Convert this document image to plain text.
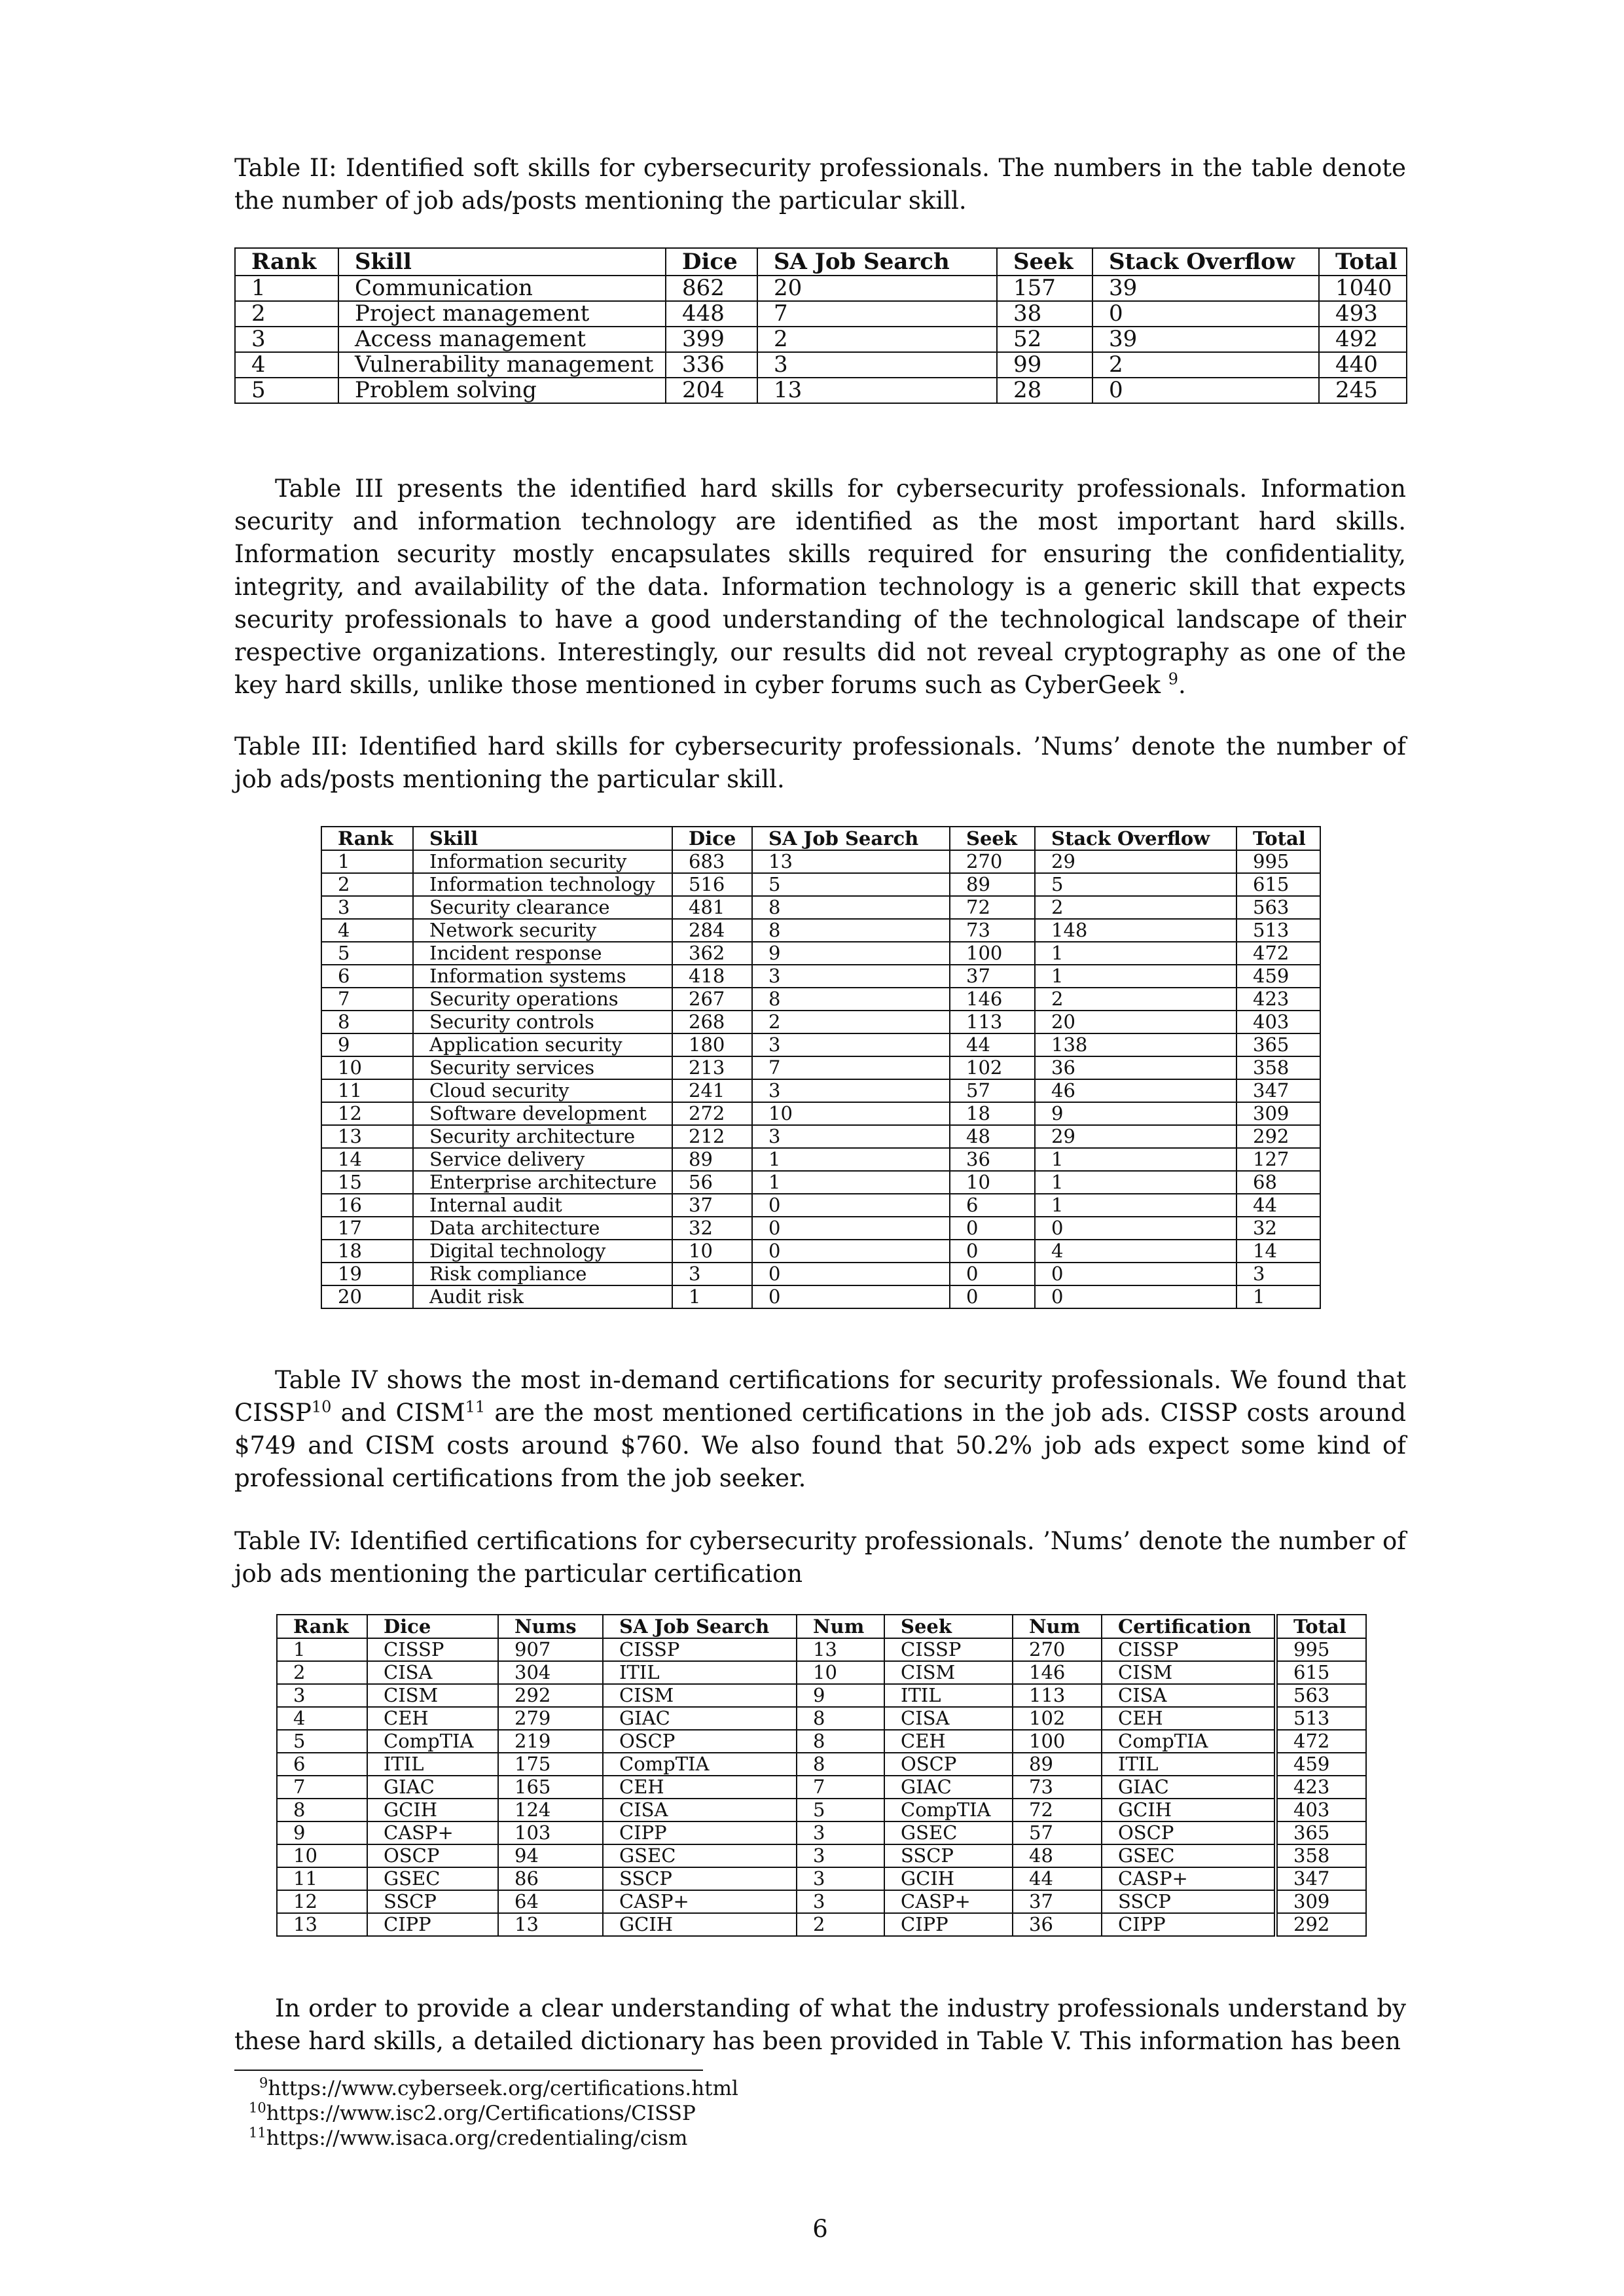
Table II: Identified soft skills for cybersecurity professionals. The numbers in the table denote the number of job ads/posts mentioning the particular skill.

Rank	Skill	Dice	SA Job Search	Seek	Stack Overflow	Total
1	Communication	862	20	157	39	1040
2	Project management	448	7	38	0	493
3	Access management	399	2	52	39	492
4	Vulnerability management	336	3	99	2	440
5	Problem solving	204	13	28	0	245

Table III presents the identified hard skills for cybersecurity professionals. Information security and information technology are identified as the most important hard skills. Information security mostly encapsulates skills required for ensuring the confidentiality, integrity, and availability of the data. Information technology is a generic skill that expects security professionals to have a good understanding of the technological landscape of their respective organizations. Interestingly, our results did not reveal cryptography as one of the key hard skills, unlike those mentioned in cyber forums such as CyberGeek $^9$.

Table III: Identified hard skills for cybersecurity professionals. ’Nums’ denote the number of job ads/posts mentioning the particular skill.

Rank	Skill	Dice	SA Job Search	Seek	Stack Overflow	Total
1	Information security	683	13	270	29	995
2	Information technology	516	5	89	5	615
3	Security clearance	481	8	72	2	563
4	Network security	284	8	73	148	513
5	Incident response	362	9	100	1	472
6	Information systems	418	3	37	1	459
7	Security operations	267	8	146	2	423
8	Security controls	268	2	113	20	403
9	Application security	180	3	44	138	365
10	Security services	213	7	102	36	358
11	Cloud security	241	3	57	46	347
12	Software development	272	10	18	9	309
13	Security architecture	212	3	48	29	292
14	Service delivery	89	1	36	1	127
15	Enterprise architecture	56	1	10	1	68
16	Internal audit	37	0	6	1	44
17	Data architecture	32	0	0	0	32
18	Digital technology	10	0	0	4	14
19	Risk compliance	3	0	0	0	3
20	Audit risk	1	0	0	0	1

Table IV shows the most in-demand certifications for security professionals. We found that CISSP$^{10}$ and CISM$^{11}$ are the most mentioned certifications in the job ads. CISSP costs around $749 and CISM costs around $760. We also found that 50.2% job ads expect some kind of professional certifications from the job seeker.

Table IV: Identified certifications for cybersecurity professionals. ’Nums’ denote the number of job ads mentioning the particular certification

Rank	Dice	Nums	SA Job Search	Num	Seek	Num	Certification	Total
1	CISSP	907	CISSP	13	CISSP	270	CISSP	995
2	CISA	304	ITIL	10	CISM	146	CISM	615
3	CISM	292	CISM	9	ITIL	113	CISA	563
4	CEH	279	GIAC	8	CISA	102	CEH	513
5	CompTIA	219	OSCP	8	CEH	100	CompTIA	472
6	ITIL	175	CompTIA	8	OSCP	89	ITIL	459
7	GIAC	165	CEH	7	GIAC	73	GIAC	423
8	GCIH	124	CISA	5	CompTIA	72	GCIH	403
9	CASP+	103	CIPP	3	GSEC	57	OSCP	365
10	OSCP	94	GSEC	3	SSCP	48	GSEC	358
11	GSEC	86	SSCP	3	GCIH	44	CASP+	347
12	SSCP	64	CASP+	3	CASP+	37	SSCP	309
13	CIPP	13	GCIH	2	CIPP	36	CIPP	292

In order to provide a clear understanding of what the industry professionals understand by these hard skills, a detailed dictionary has been provided in Table V. This information has been

$^9$https://www.cyberseek.org/certifications.html
$^{10}$https://www.isc2.org/Certifications/CISSP
$^{11}$https://www.isaca.org/credentialing/cism
6
